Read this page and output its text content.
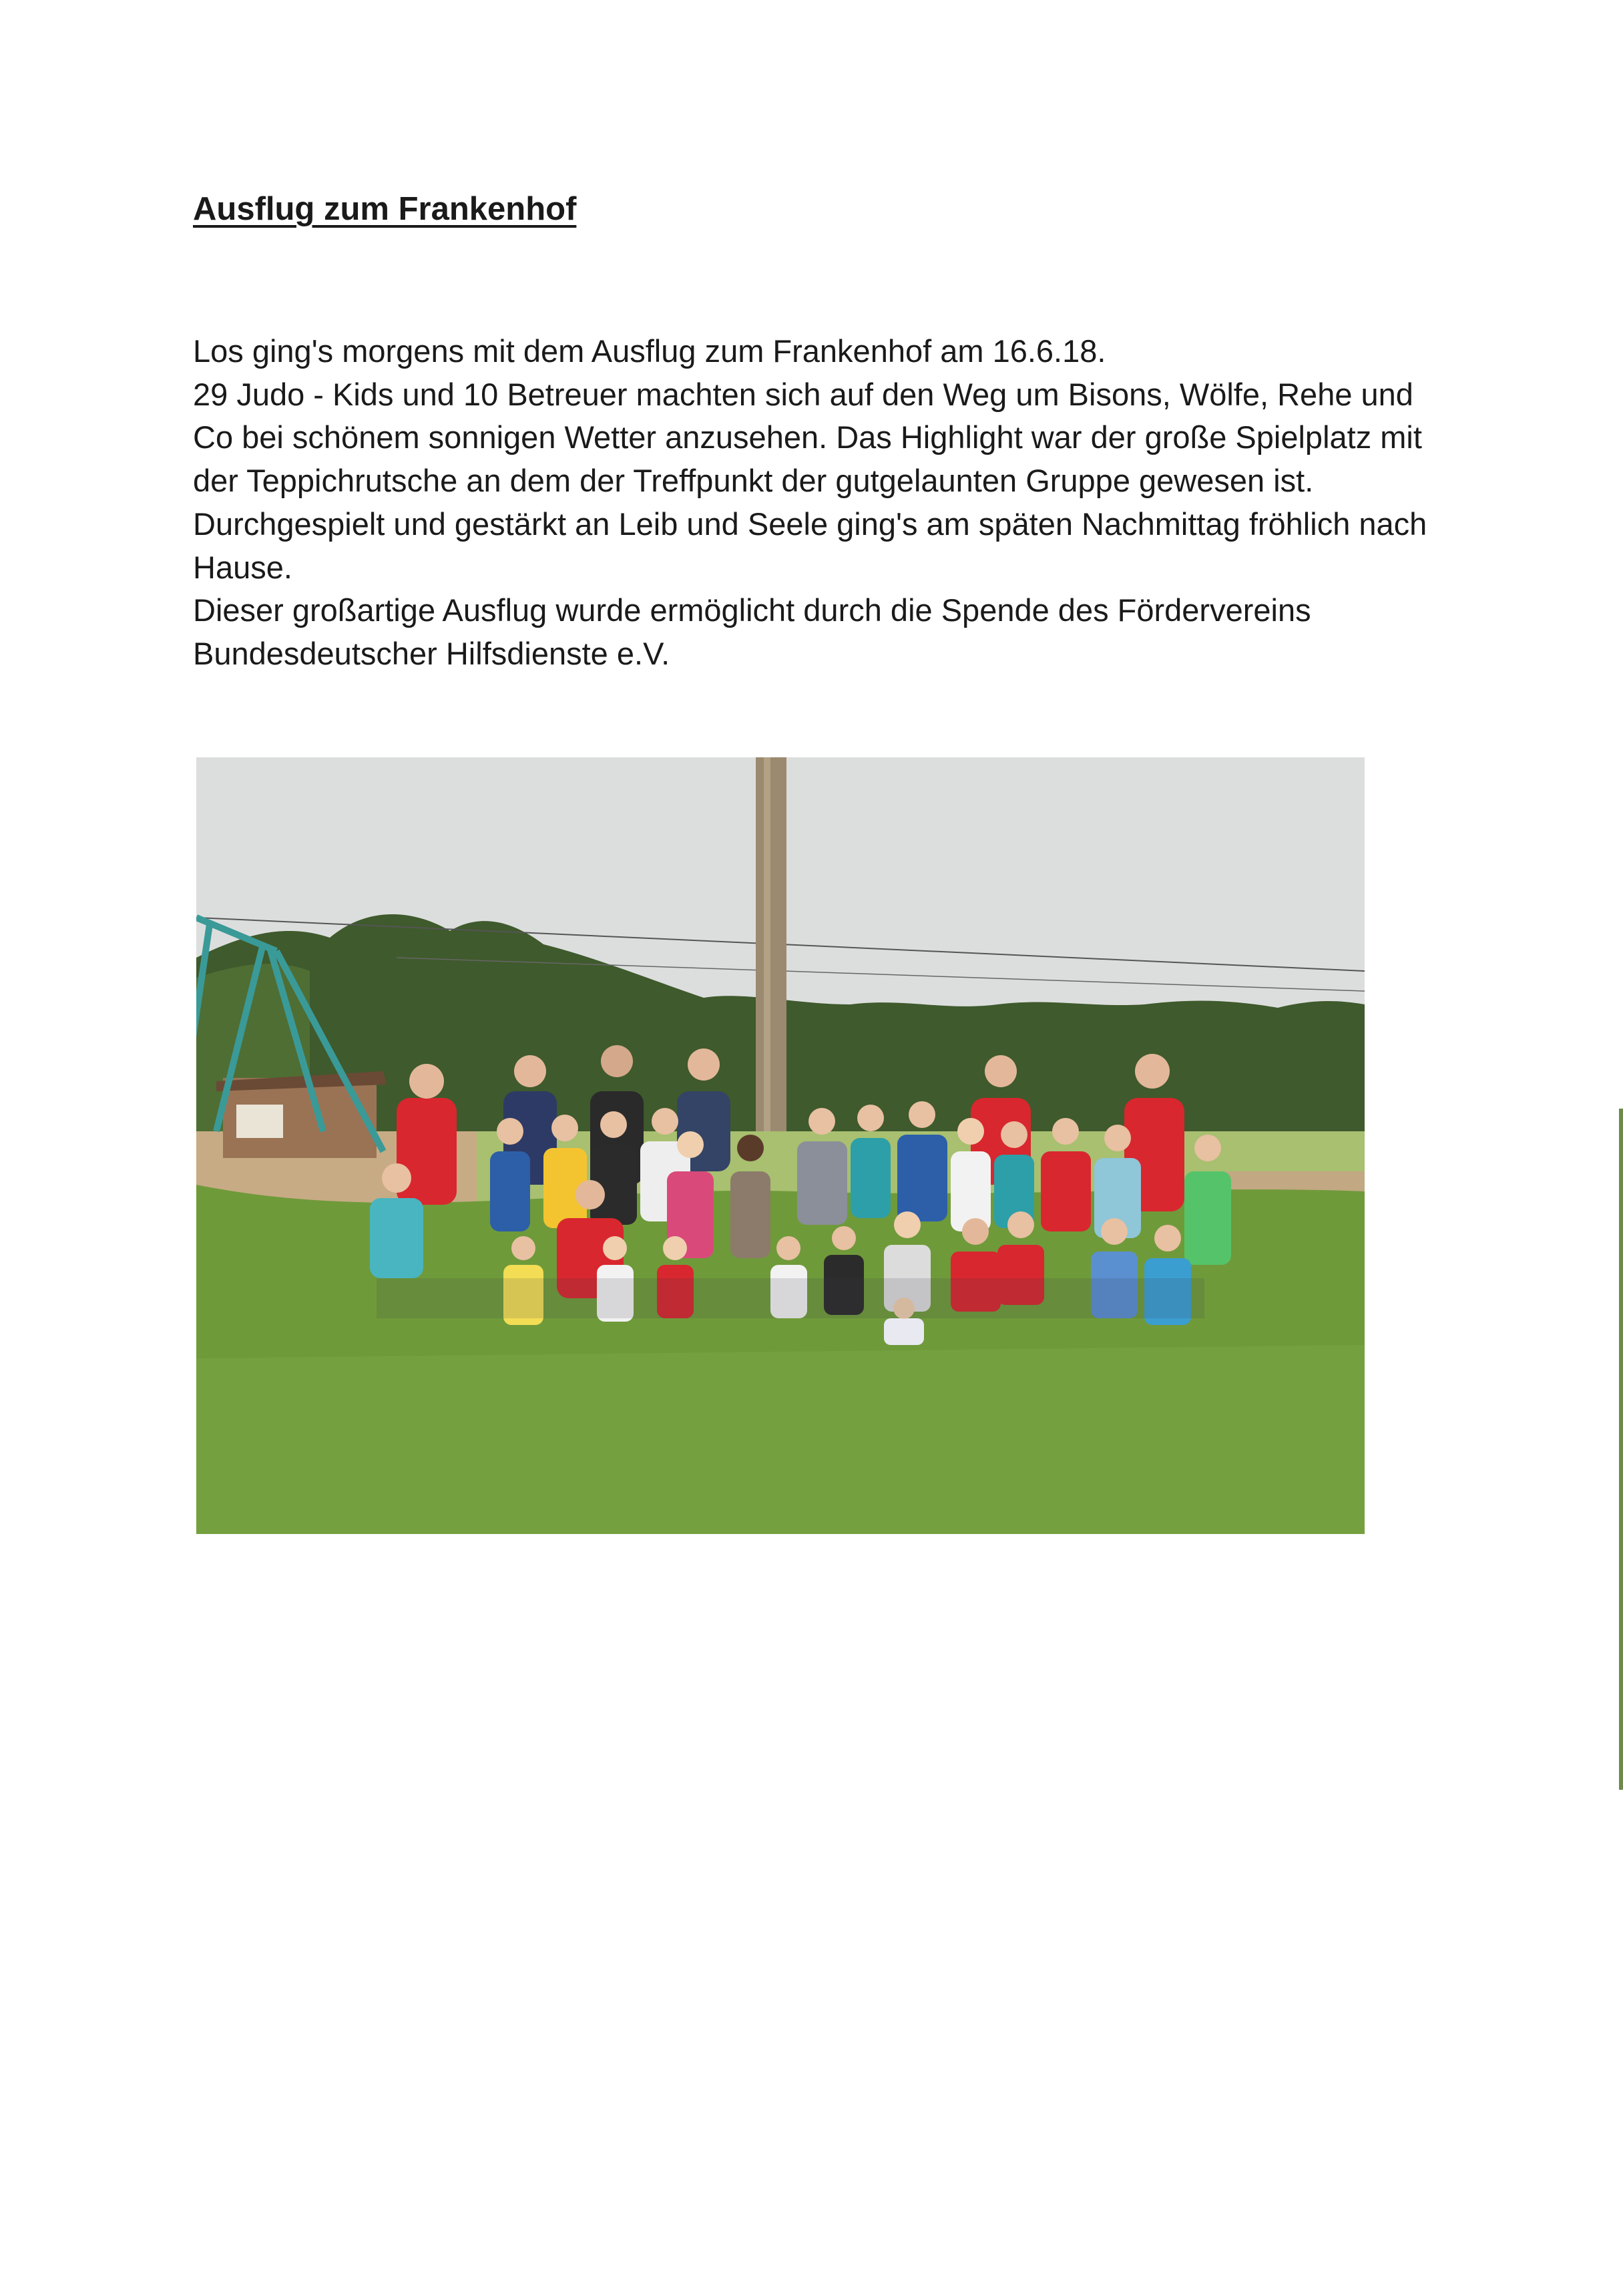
Ausflug zum Frankenhof

Los ging's morgens mit dem Ausflug zum Frankenhof am 16.6.18.

29 Judo - Kids und 10 Betreuer machten sich auf den Weg um Bisons, Wölfe, Rehe und Co bei schönem sonnigen Wetter anzusehen. Das Highlight war der große Spielplatz mit der Teppichrutsche an dem der Treffpunkt der gutgelaunten Gruppe gewesen ist.

Durchgespielt und gestärkt an Leib und Seele ging's am späten Nachmittag fröhlich nach Hause.

Dieser großartige Ausflug wurde ermöglicht durch die Spende des Fördervereins Bundesdeutscher Hilfsdienste e.V.
